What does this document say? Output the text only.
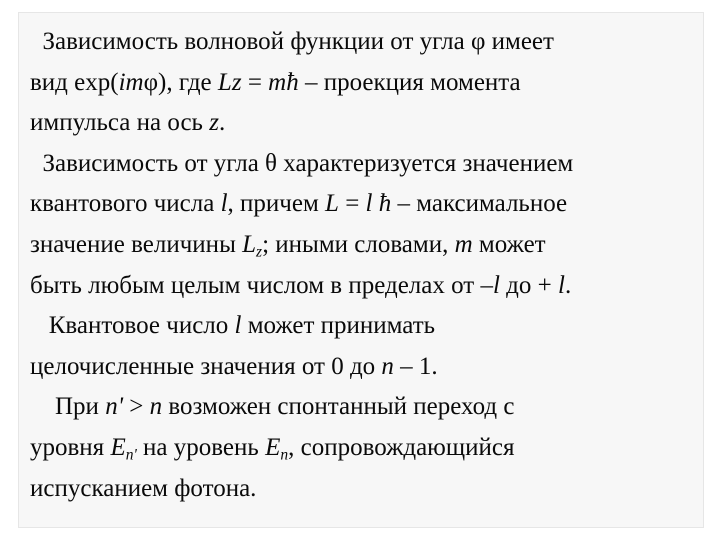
Зависимость волновой функции от угла φ имеет
вид exp(imφ), где Lz = mħ – проекция момента
импульса на ось z.
Зависимость от угла θ характеризуется значением
квантового числа l, причем L = l ħ – максимальное
значение величины $L_z$; иными словами, m может
быть любым целым числом в пределах от –l до + l.
Квантовое число l может принимать
целочисленные значения от 0 до n – 1.
При n' > n возможен спонтанный переход с
уровня $E_{n'}$ на уровень $E_n$, сопровождающийся
испусканием фотона.
